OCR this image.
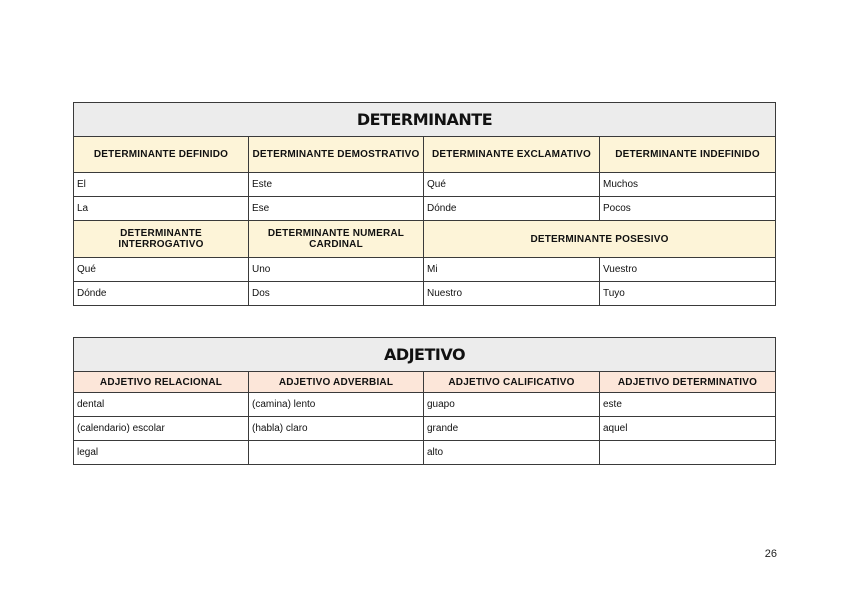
DETERMINANTE			
DETERMINANTE DEFINIDO	DETERMINANTE DEMOSTRATIVO	DETERMINANTE EXCLAMATIVO	DETERMINANTE INDEFINIDO
El	Este	Qué	Muchos
La	Ese	Dónde	Pocos
DETERMINANTE INTERROGATIVO	DETERMINANTE NUMERAL CARDINAL	DETERMINANTE POSESIVO	
Qué	Uno	Mi	Vuestro
Dónde	Dos	Nuestro	Tuyo
ADJETIVO			
ADJETIVO RELACIONAL	ADJETIVO ADVERBIAL	ADJETIVO CALIFICATIVO	ADJETIVO DETERMINATIVO
dental	(camina) lento	guapo	este
(calendario) escolar	(habla) claro	grande	aquel
legal		alto	
26
